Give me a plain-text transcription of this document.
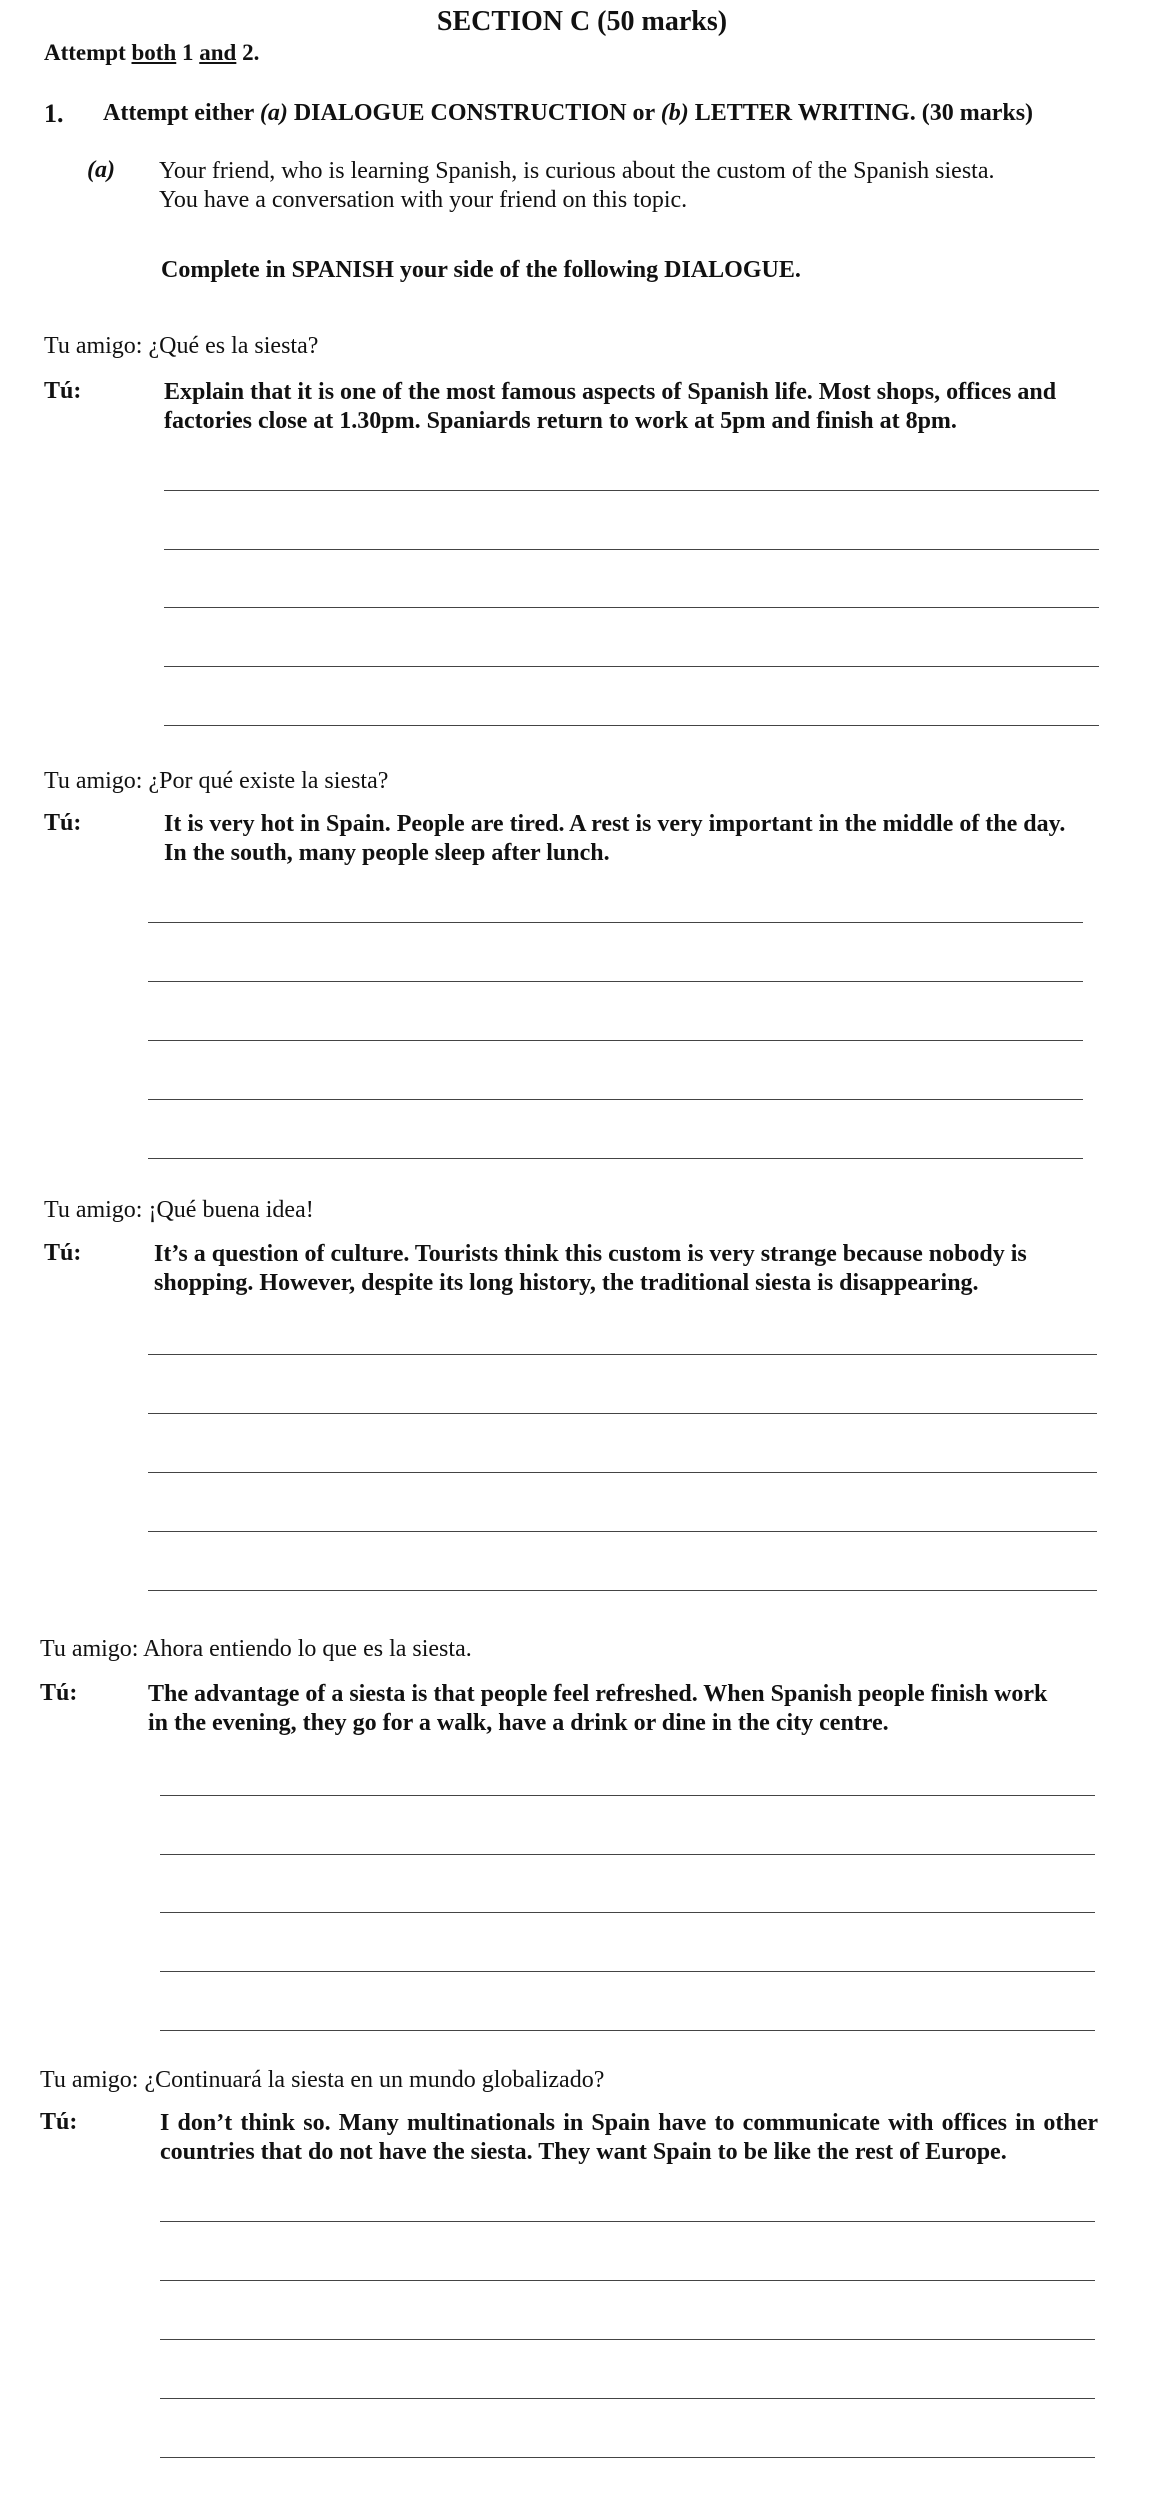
SECTION C (50 marks)
Attempt both 1 and 2.
1. Attempt either (a) DIALOGUE CONSTRUCTION or (b) LETTER WRITING. (30 marks)
(a) Your friend, who is learning Spanish, is curious about the custom of the Spanish siesta.
You have a conversation with your friend on this topic.
Complete in SPANISH your side of the following DIALOGUE.
Tu amigo: ¿Qué es la siesta?
Tú:	Explain that it is one of the most famous aspects of Spanish life. Most shops, offices and factories close at 1.30pm. Spaniards return to work at 5pm and finish at 8pm.
Tu amigo: ¿Por qué existe la siesta?
Tú:	It is very hot in Spain. People are tired. A rest is very important in the middle of the day. In the south, many people sleep after lunch.
Tu amigo: ¡Qué buena idea!
Tú:	It’s a question of culture. Tourists think this custom is very strange because nobody is shopping. However, despite its long history, the traditional siesta is disappearing.
Tu amigo: Ahora entiendo lo que es la siesta.
Tú:	The advantage of a siesta is that people feel refreshed. When Spanish people finish work in the evening, they go for a walk, have a drink or dine in the city centre.
Tu amigo: ¿Continuará la siesta en un mundo globalizado?
Tú:	I don’t think so. Many multinationals in Spain have to communicate with offices in other countries that do not have the siesta. They want Spain to be like the rest of Europe.
